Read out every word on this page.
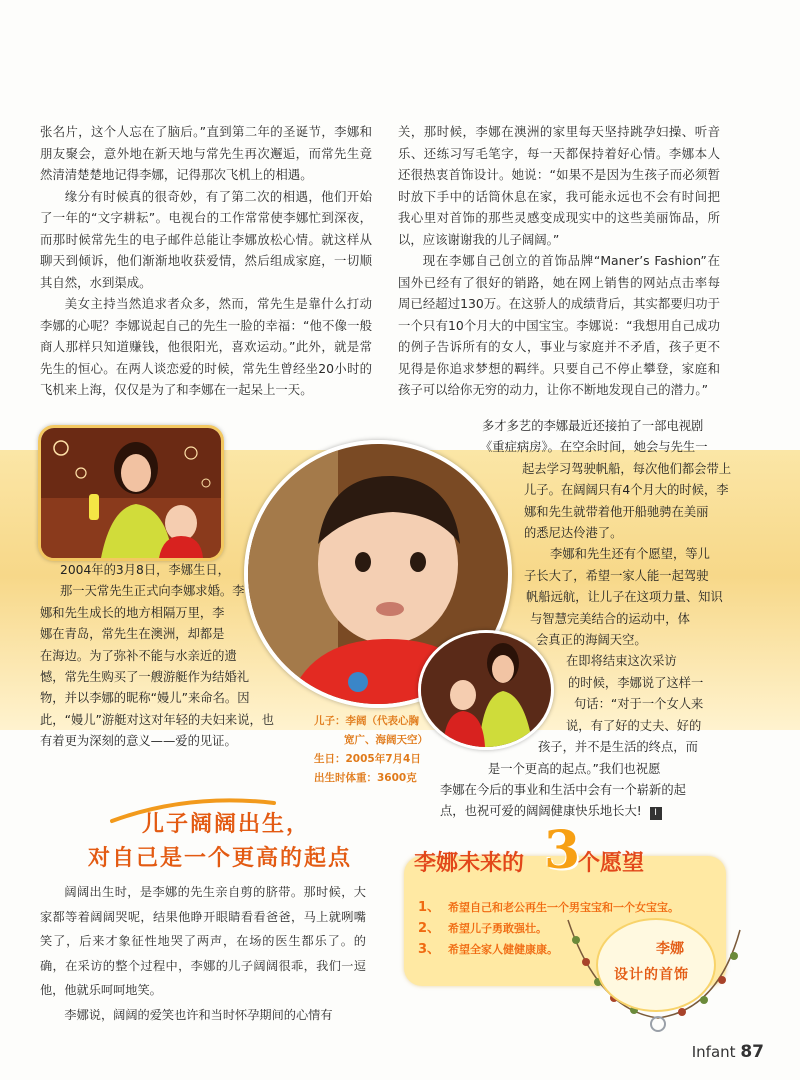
张名片，这个人忘在了脑后。”直到第二年的圣诞节，李娜和朋友聚会，意外地在新天地与常先生再次邂逅，而常先生竟然清清楚楚地记得李娜，记得那次飞机上的相遇。

缘分有时候真的很奇妙，有了第二次的相遇，他们开始了一年的“文字耕耘”。电视台的工作常常使李娜忙到深夜，而那时候常先生的电子邮件总能让李娜放松心情。就这样从聊天到倾诉，他们渐渐地收获爱情，然后组成家庭，一切顺其自然，水到渠成。

美女主持当然追求者众多，然而，常先生是靠什么打动李娜的心呢？李娜说起自己的先生一脸的幸福：“他不像一般商人那样只知道赚钱，他很阳光，喜欢运动。”此外，就是常先生的恒心。在两人谈恋爱的时候，常先生曾经坐20小时的飞机来上海，仅仅是为了和李娜在一起呆上一天。

关，那时候，李娜在澳洲的家里每天坚持跳孕妇操、听音乐、还练习写毛笔字，每一天都保持着好心情。李娜本人还很热衷首饰设计。她说：“如果不是因为生孩子而必须暂时放下手中的话筒休息在家，我可能永远也不会有时间把我心里对首饰的那些灵感变成现实中的这些美丽饰品，所以，应该谢谢我的儿子阔阔。”

现在李娜自己创立的首饰品牌“Maner’s Fashion”在国外已经有了很好的销路，她在网上销售的网站点击率每周已经超过130万。在这骄人的成绩背后，其实都要归功于一个只有10个月大的中国宝宝。李娜说：“我想用自己成功的例子告诉所有的女人，事业与家庭并不矛盾，孩子更不见得是你追求梦想的羁绊。只要自己不停止攀登，家庭和孩子可以给你无穷的动力，让你不断地发现自己的潜力。”

2004年的3月8日，李娜生日，

那一天常先生正式向李娜求婚。李

娜和先生成长的地方相隔万里，李

娜在青岛，常先生在澳洲，却都是

在海边。为了弥补不能与水亲近的遗

憾，常先生购买了一艘游艇作为结婚礼

物，并以李娜的昵称“嫚儿”来命名。因

此，“嫚儿”游艇对这对年轻的夫妇来说，也

有着更为深刻的意义——爱的见证。

多才多艺的李娜最近还接拍了一部电视剧

《重症病房》。在空余时间，她会与先生一

起去学习驾驶帆船，每次他们都会带上

儿子。在阔阔只有4个月大的时候，李

娜和先生就带着他开船驰骋在美丽

的悉尼达伶港了。

李娜和先生还有个愿望，等儿

子长大了，希望一家人能一起驾驶

帆船远航，让儿子在这项力量、知识

与智慧完美结合的运动中，体

会真正的海阔天空。

在即将结束这次采访

的时候，李娜说了这样一

句话：“对于一个女人来

说，有了好的丈夫、好的

孩子，并不是生活的终点，而

是一个更高的起点。”我们也祝愿

李娜在今后的事业和生活中会有一个崭新的起

点，也祝可爱的阔阔健康快乐地长大! Ⅰ

儿子：李阔（代表心胸

宽广、海阔天空）

生日：2005年7月4日

出生时体重：3600克

儿子阔阔出生，
对自己是一个更高的起点

阔阔出生时，是李娜的先生亲自剪的脐带。那时候，大家都等着阔阔哭呢，结果他睁开眼睛看看爸爸，马上就咧嘴笑了，后来才象征性地哭了两声，在场的医生都乐了。的确，在采访的整个过程中，李娜的儿子阔阔很乖，我们一逗他，他就乐呵呵地笑。

李娜说，阔阔的爱笑也许和当时怀孕期间的心情有

李娜未来的 3
个愿望
1、 希望自己和老公再生一个男宝宝和一个女宝宝。
2、 希望儿子勇敢强壮。
3、 希望全家人健健康康。	李娜
设计的首饰
Infant 87
